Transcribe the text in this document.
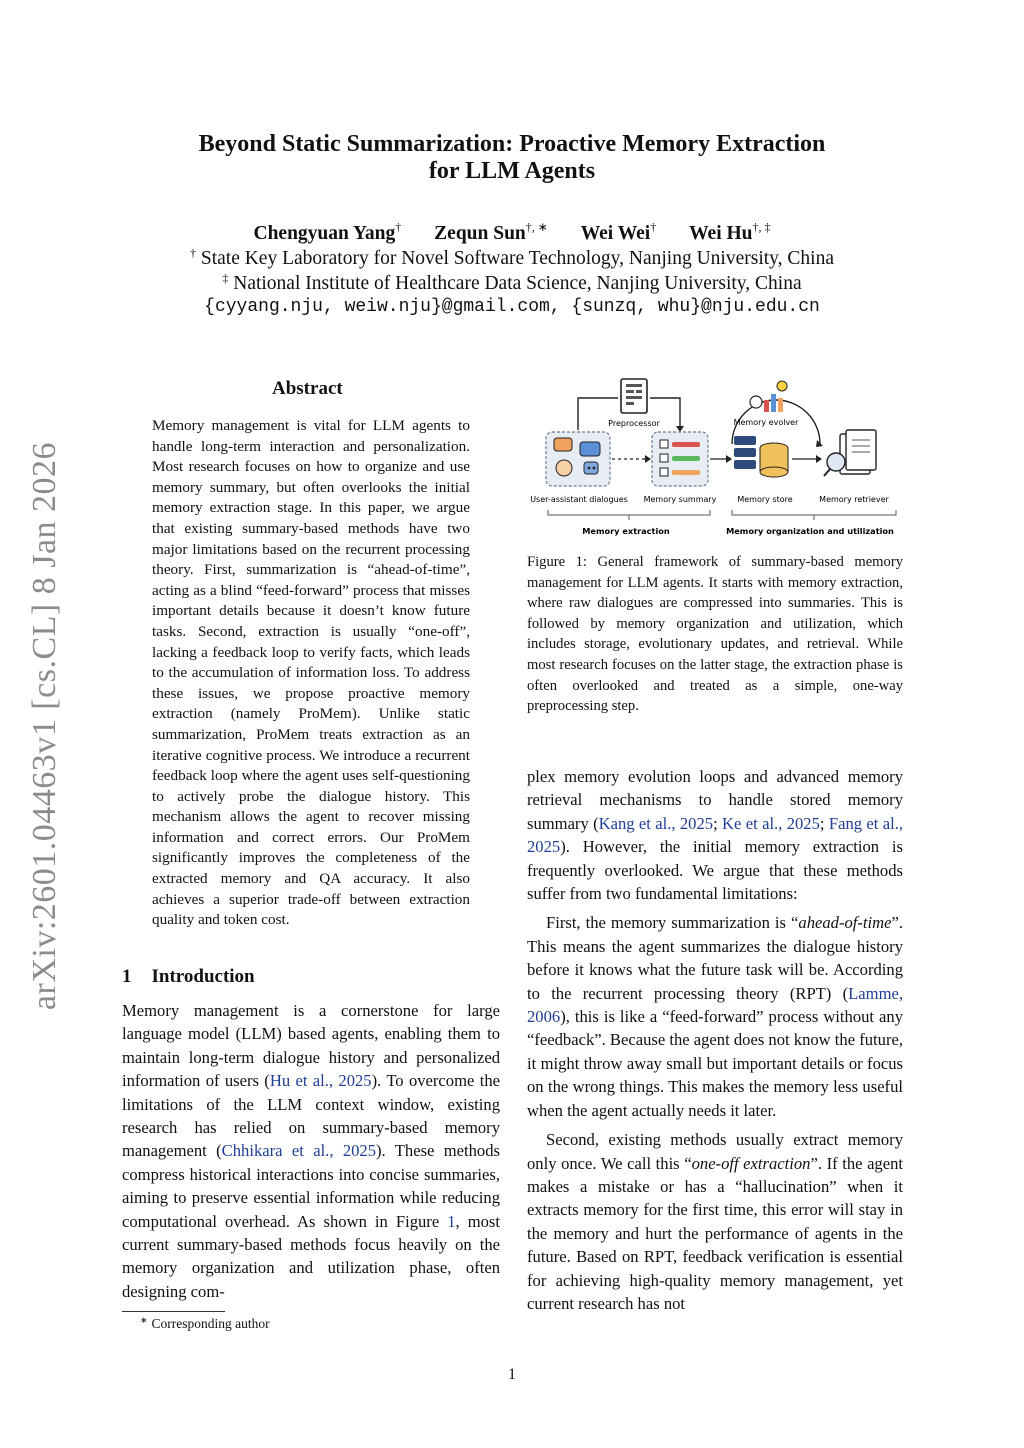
Beyond Static Summarization: Proactive Memory Extraction
for LLM Agents
Chengyuan Yang† Zequn Sun†, ∗ Wei Wei† Wei Hu†, ‡
† State Key Laboratory for Novel Software Technology, Nanjing University, China
‡ National Institute of Healthcare Data Science, Nanjing University, China
{cyyang.nju, weiw.nju}@gmail.com, {sunzq, whu}@nju.edu.cn
arXiv:2601.04463v1 [cs.CL] 8 Jan 2026
Abstract
Memory management is vital for LLM agents to handle long-term interaction and personalization. Most research focuses on how to organize and use memory summary, but often overlooks the initial memory extraction stage. In this paper, we argue that existing summary-based methods have two major limitations based on the recurrent processing theory. First, summarization is “ahead-of-time”, acting as a blind “feed-forward” process that misses important details because it doesn’t know future tasks. Second, extraction is usually “one-off”, lacking a feedback loop to verify facts, which leads to the accumulation of information loss. To address these issues, we propose proactive memory extraction (namely ProMem). Unlike static summarization, ProMem treats extraction as an iterative cognitive process. We introduce a recurrent feedback loop where the agent uses self-questioning to actively probe the dialogue history. This mechanism allows the agent to recover missing information and correct errors. Our ProMem significantly improves the completeness of the extracted memory and QA accuracy. It also achieves a superior trade-off between extraction quality and token cost.
1 Introduction
Memory management is a cornerstone for large language model (LLM) based agents, enabling them to maintain long-term dialogue history and personalized information of users (Hu et al., 2025). To overcome the limitations of the LLM context window, existing research has relied on summary-based memory management (Chhikara et al., 2025). These methods compress historical interactions into concise summaries, aiming to preserve essential information while reducing computational overhead. As shown in Figure 1, most current summary-based methods focus heavily on the memory organization and utilization phase, often designing com-
∗ Corresponding author
Preprocessor
User-assistant dialogues Memory summary
Memory evolver
Memory store	Memory retriever
Memory extraction	Memory organization and utilization
Figure 1: General framework of summary-based memory management for LLM agents. It starts with memory extraction, where raw dialogues are compressed into summaries. This is followed by memory organization and utilization, which includes storage, evolutionary updates, and retrieval. While most research focuses on the latter stage, the extraction phase is often overlooked and treated as a simple, one-way preprocessing step.

plex memory evolution loops and advanced memory retrieval mechanisms to handle stored memory summary (Kang et al., 2025; Ke et al., 2025; Fang et al., 2025). However, the initial memory extraction is frequently overlooked. We argue that these methods suffer from two fundamental limitations:

First, the memory summarization is “ahead-of-time”. This means the agent summarizes the dialogue history before it knows what the future task will be. According to the recurrent processing theory (RPT) (Lamme, 2006), this is like a “feed-forward” process without any “feedback”. Because the agent does not know the future, it might throw away small but important details or focus on the wrong things. This makes the memory less useful when the agent actually needs it later.

Second, existing methods usually extract memory only once. We call this “one-off extraction”. If the agent makes a mistake or has a “hallucination” when it extracts memory for the first time, this error will stay in the memory and hurt the performance of agents in the future. Based on RPT, feedback verification is essential for achieving high-quality memory management, yet current research has not

1
